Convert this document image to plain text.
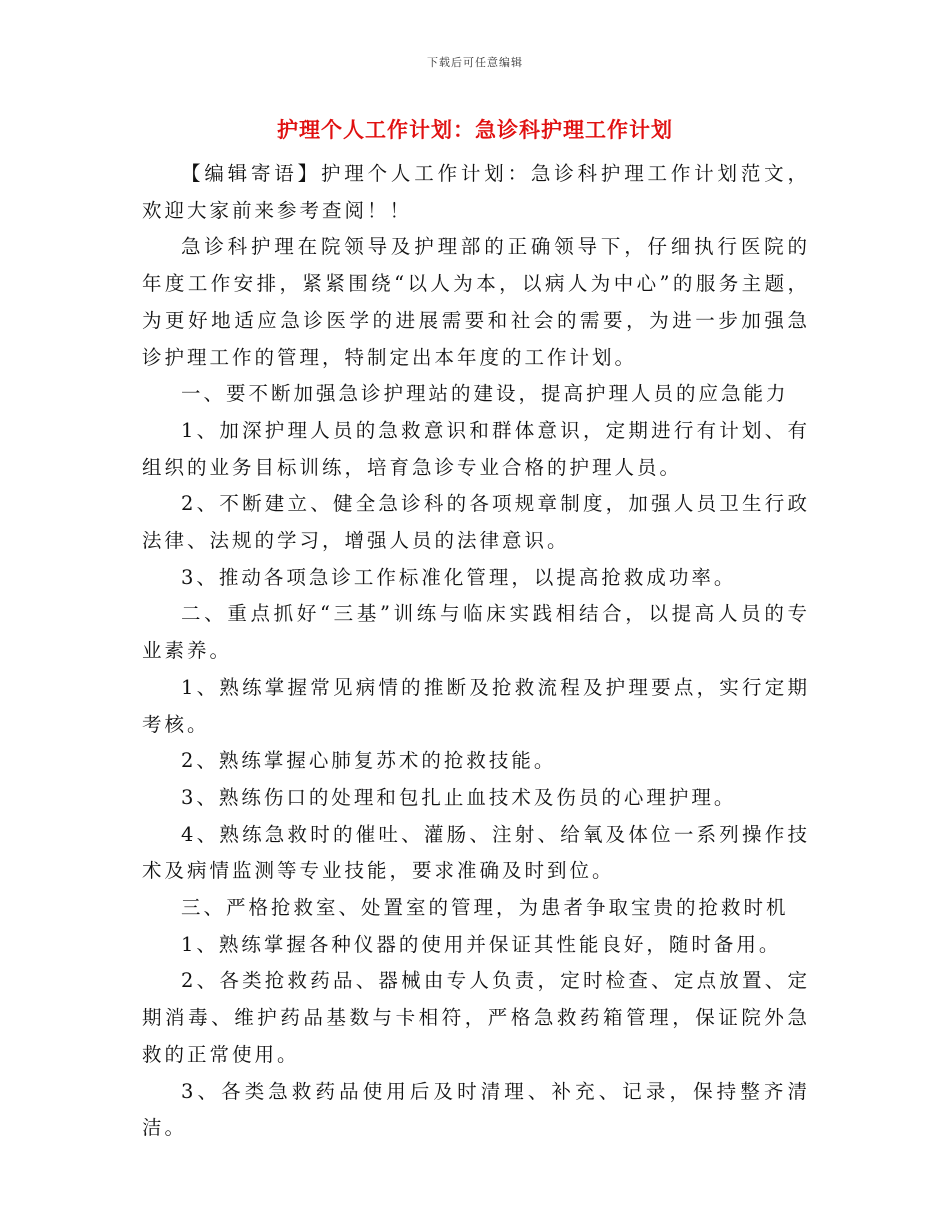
下载后可任意编辑
护理个人工作计划：急诊科护理工作计划

【编辑寄语】护理个人工作计划：急诊科护理工作计划范文，欢迎大家前来参考查阅！！

急诊科护理在院领导及护理部的正确领导下，仔细执行医院的年度工作安排，紧紧围绕“以人为本，以病人为中心”的服务主题，为更好地适应急诊医学的进展需要和社会的需要，为进一步加强急诊护理工作的管理，特制定出本年度的工作计划。

一、要不断加强急诊护理站的建设，提高护理人员的应急能力

1、加深护理人员的急救意识和群体意识，定期进行有计划、有组织的业务目标训练，培育急诊专业合格的护理人员。

2、不断建立、健全急诊科的各项规章制度，加强人员卫生行政法律、法规的学习，增强人员的法律意识。

3、推动各项急诊工作标准化管理，以提高抢救成功率。

二、重点抓好“三基”训练与临床实践相结合，以提高人员的专业素养。

1、熟练掌握常见病情的推断及抢救流程及护理要点，实行定期考核。

2、熟练掌握心肺复苏术的抢救技能。

3、熟练伤口的处理和包扎止血技术及伤员的心理护理。

4、熟练急救时的催吐、灌肠、注射、给氧及体位一系列操作技术及病情监测等专业技能，要求准确及时到位。

三、严格抢救室、处置室的管理，为患者争取宝贵的抢救时机

1、熟练掌握各种仪器的使用并保证其性能良好，随时备用。

2、各类抢救药品、器械由专人负责，定时检查、定点放置、定期消毒、维护药品基数与卡相符，严格急救药箱管理，保证院外急救的正常使用。

3、各类急救药品使用后及时清理、补充、记录，保持整齐清洁。
